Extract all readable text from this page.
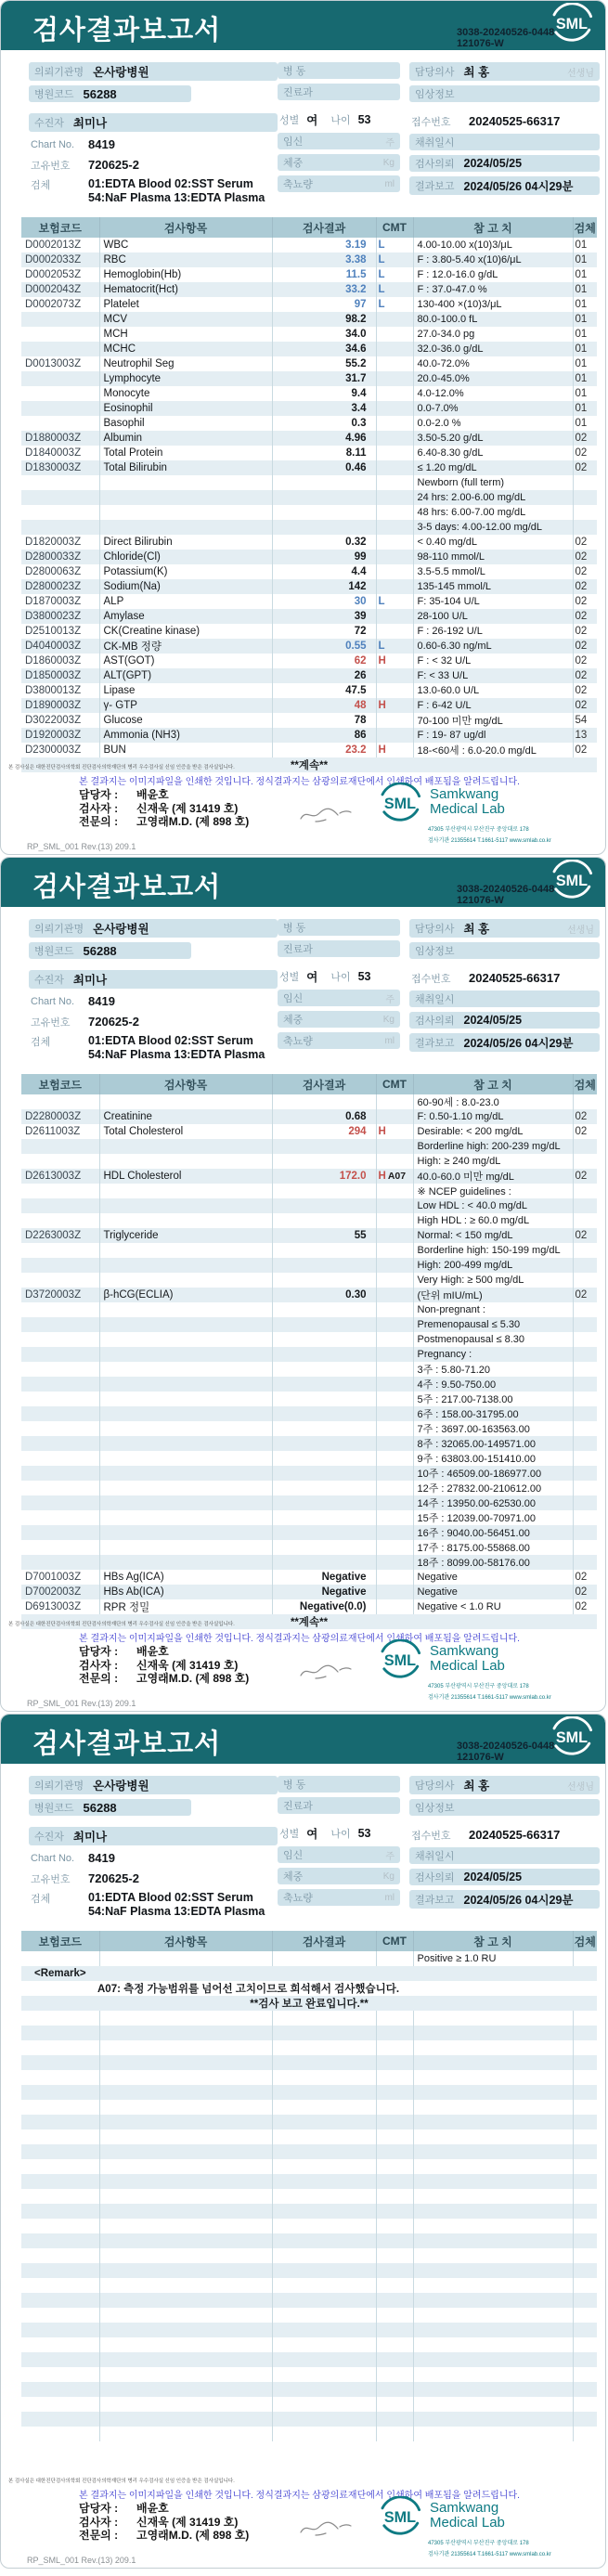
검사결과보고서	SML
3038-20240526-0448
121076-W
의뢰기관명 온사랑병원
병원코드 56288
수진자 최미나
Chart No.	8419
고유번호	720625-2
검체	01:EDTA Blood 02:SST Serum
54:NaF Plasma 13:EDTA Plasma
병 동
진료과
성별 여 나이 53
임신	주
체중	Kg
축뇨량	ml
담당의사 최 홍	선생님
임상정보
접수번호	20240525-66317
채취일시
검사의뢰 2024/05/25
결과보고 2024/05/26 04시29분
보험코드	검사항목	검사결과	CMT	참 고 치	검체
D0002013Z	WBC	3.19	L	4.00-10.00 x(10)3/μL	01
D0002033Z	RBC	3.38	L	F : 3.80-5.40 x(10)6/μL	01
D0002053Z	Hemoglobin(Hb)	11.5	L	F : 12.0-16.0 g/dL	01
D0002043Z	Hematocrit(Hct)	33.2	L	F : 37.0-47.0 %	01
D0002073Z	Platelet	97	L	130-400 ×(10)3/μL	01
	MCV	98.2		80.0-100.0 fL	01
	MCH	34.0		27.0-34.0 pg	01
	MCHC	34.6		32.0-36.0 g/dL	01
D0013003Z	Neutrophil Seg	55.2		40.0-72.0%	01
	Lymphocyte	31.7		20.0-45.0%	01
	Monocyte	9.4		4.0-12.0%	01
	Eosinophil	3.4		0.0-7.0%	01
	Basophil	0.3		0.0-2.0 %	01
D1880003Z	Albumin	4.96		3.50-5.20 g/dL	02
D1840003Z	Total Protein	8.11		6.40-8.30 g/dL	02
D1830003Z	Total Bilirubin	0.46		≤ 1.20 mg/dL	02
				Newborn (full term)	
				24 hrs: 2.00-6.00 mg/dL	
				48 hrs: 6.00-7.00 mg/dL	
				3-5 days: 4.00-12.00 mg/dL	
D1820003Z	Direct Bilirubin	0.32		< 0.40 mg/dL	02
D2800033Z	Chloride(Cl)	99		98-110 mmol/L	02
D2800063Z	Potassium(K)	4.4		3.5-5.5 mmol/L	02
D2800023Z	Sodium(Na)	142		135-145 mmol/L	02
D1870003Z	ALP	30	L	F: 35-104 U/L	02
D3800023Z	Amylase	39		28-100 U/L	02
D2510013Z	CK(Creatine kinase)	72		F : 26-192 U/L	02
D4040003Z	CK-MB 정량	0.55	L	0.60-6.30 ng/mL	02
D1860003Z	AST(GOT)	62	H	F : < 32 U/L	02
D1850003Z	ALT(GPT)	26		F: < 33 U/L	02
D3800013Z	Lipase	47.5		13.0-60.0 U/L	02
D1890003Z	γ- GTP	48	H	F : 6-42 U/L	02
D3022003Z	Glucose	78		70-100 미만 mg/dL	54
D1920003Z	Ammonia (NH3)	86		F : 19- 87 ug/dl	13
D2300003Z	BUN	23.2	H	18-<60세 : 6.0-20.0 mg/dL	02
**계속**					
본 검사실은 대한진단검사의학회 진단검사의학재단의 병리 우수검사실 신임 인증을 받은 검사실입니다.
본 결과지는 이미지파일을 인쇄한 것입니다. 정식결과지는 삼광의료재단에서 인쇄하여 배포됨을 알려드립니다.
담당자 :	배윤호
검사자 :	신재욱 (제 31419 호)
전문의 :	고영래M.D. (제 898 호)
SML
Samkwang
Medical Lab
47305 부산광역시 부산진구 중앙대로 178
검사기관 21355614 T.1661-5117 www.smlab.co.kr
RP_SML_001 Rev.(13) 209.1
검사결과보고서	SML
3038-20240526-0448
121076-W
의뢰기관명 온사랑병원
병원코드 56288
수진자 최미나
Chart No.	8419
고유번호	720625-2
검체	01:EDTA Blood 02:SST Serum
54:NaF Plasma 13:EDTA Plasma
병 동
진료과
성별 여 나이 53
임신	주
체중	Kg
축뇨량	ml
담당의사 최 홍	선생님
임상정보
접수번호	20240525-66317
채취일시
검사의뢰 2024/05/25
결과보고 2024/05/26 04시29분
보험코드	검사항목	검사결과	CMT	참 고 치	검체
				60-90세 : 8.0-23.0	
D2280003Z	Creatinine	0.68		F: 0.50-1.10 mg/dL	02
D2611003Z	Total Cholesterol	294	H	Desirable: < 200 mg/dL	02
				Borderline high: 200-239 mg/dL	
				High: ≥ 240 mg/dL	
D2613003Z	HDL Cholesterol	172.0	H A07	40.0-60.0 미만 mg/dL	02
				※ NCEP guidelines :	
				Low HDL : < 40.0 mg/dL	
				High HDL : ≥ 60.0 mg/dL	
D2263003Z	Triglyceride	55		Normal: < 150 mg/dL	02
				Borderline high: 150-199 mg/dL	
				High: 200-499 mg/dL	
				Very High: ≥ 500 mg/dL	
D3720003Z	β-hCG(ECLIA)	0.30		(단위 mIU/mL)	02
				Non-pregnant :	
				Premenopausal ≤ 5.30	
				Postmenopausal ≤ 8.30	
				Pregnancy :	
				3주 : 5.80-71.20	
				4주 : 9.50-750.00	
				5주 : 217.00-7138.00	
				6주 : 158.00-31795.00	
				7주 : 3697.00-163563.00	
				8주 : 32065.00-149571.00	
				9주 : 63803.00-151410.00	
				10주 : 46509.00-186977.00	
				12주 : 27832.00-210612.00	
				14주 : 13950.00-62530.00	
				15주 : 12039.00-70971.00	
				16주 : 9040.00-56451.00	
				17주 : 8175.00-55868.00	
				18주 : 8099.00-58176.00	
D7001003Z	HBs Ag(ICA)	Negative		Negative	02
D7002003Z	HBs Ab(ICA)	Negative		Negative	02
D6913003Z	RPR 정밀	Negative(0.0)		Negative < 1.0 RU	02
**계속**					
본 검사실은 대한진단검사의학회 진단검사의학재단의 병리 우수검사실 신임 인증을 받은 검사실입니다.
본 결과지는 이미지파일을 인쇄한 것입니다. 정식결과지는 삼광의료재단에서 인쇄하여 배포됨을 알려드립니다.
담당자 :	배윤호
검사자 :	신재욱 (제 31419 호)
전문의 :	고영래M.D. (제 898 호)
SML
Samkwang
Medical Lab
47305 부산광역시 부산진구 중앙대로 178
검사기관 21355614 T.1661-5117 www.smlab.co.kr
RP_SML_001 Rev.(13) 209.1
검사결과보고서	SML
3038-20240526-0448
121076-W
의뢰기관명 온사랑병원
병원코드 56288
수진자 최미나
Chart No.	8419
고유번호	720625-2
검체	01:EDTA Blood 02:SST Serum
54:NaF Plasma 13:EDTA Plasma
병 동
진료과
성별 여 나이 53
임신	주
체중	Kg
축뇨량	ml
담당의사 최 홍	선생님
임상정보
접수번호	20240525-66317
채취일시
검사의뢰 2024/05/25
결과보고 2024/05/26 04시29분
보험코드	검사항목	검사결과	CMT	참 고 치	검체
				Positive ≥ 1.0 RU	
<Remark>					
A07: 측정 가능범위를 넘어선 고치이므로 희석해서 검사했습니다.					
**검사 보고 완료입니다.**					

본 검사실은 대한진단검사의학회 진단검사의학재단의 병리 우수검사실 신임 인증을 받은 검사실입니다.
본 결과지는 이미지파일을 인쇄한 것입니다. 정식결과지는 삼광의료재단에서 인쇄하여 배포됨을 알려드립니다.
담당자 :	배윤호
검사자 :	신재욱 (제 31419 호)
전문의 :	고영래M.D. (제 898 호)
SML
Samkwang
Medical Lab
47305 부산광역시 부산진구 중앙대로 178
검사기관 21355614 T.1661-5117 www.smlab.co.kr
RP_SML_001 Rev.(13) 209.1
